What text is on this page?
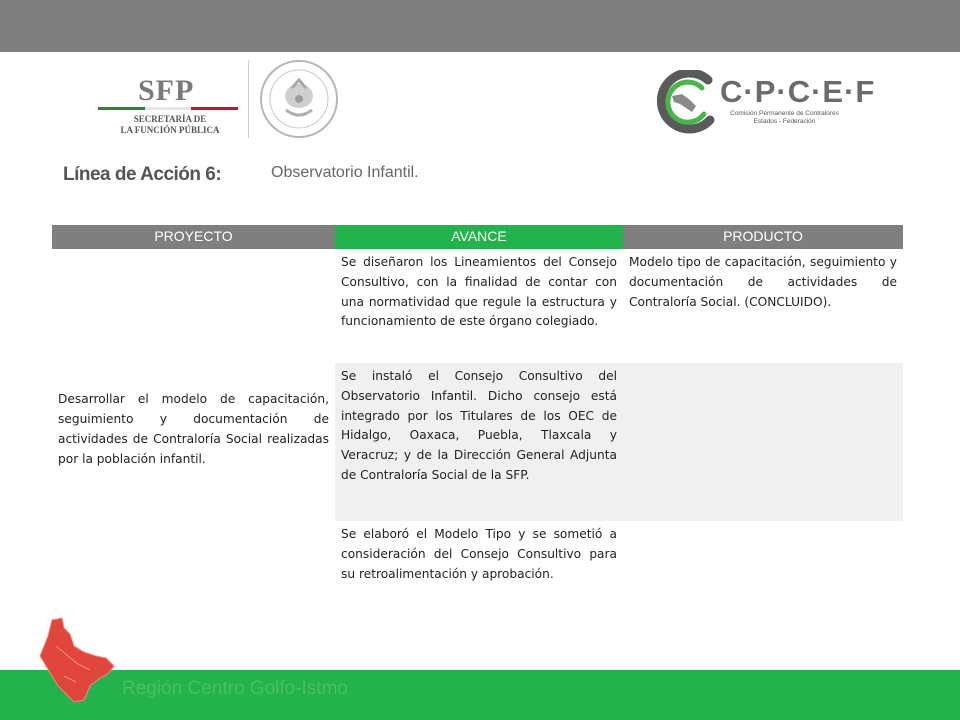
SFP
SECRETARÍA DE
LA FUNCIÓN PÚBLICA
C·P·C·E·F
Comisión Permanente de Contralores
Estados - Federación
Línea de Acción 6:	Observatorio Infantil.
PROYECTO	AVANCE	PRODUCTO
Desarrollar el modelo de capacitación, seguimiento y documentación de actividades de Contraloría Social realizadas por la población infantil.	Se diseñaron los Lineamientos del Consejo Consultivo, con la finalidad de contar con una normatividad que regule la estructura y funcionamiento de este órgano colegiado.	Modelo tipo de capacitación, seguimiento y documentación de actividades de Contraloría Social. (CONCLUIDO).
	Se instaló el Consejo Consultivo del Observatorio Infantil. Dicho consejo está integrado por los Titulares de los OEC de Hidalgo, Oaxaca, Puebla, Tlaxcala y Veracruz; y de la Dirección General Adjunta de Contraloría Social de la SFP.	
	Se elaboró el Modelo Tipo y se sometió a consideración del Consejo Consultivo para su retroalimentación y aprobación.	
Región Centro Golfo-Istmo
